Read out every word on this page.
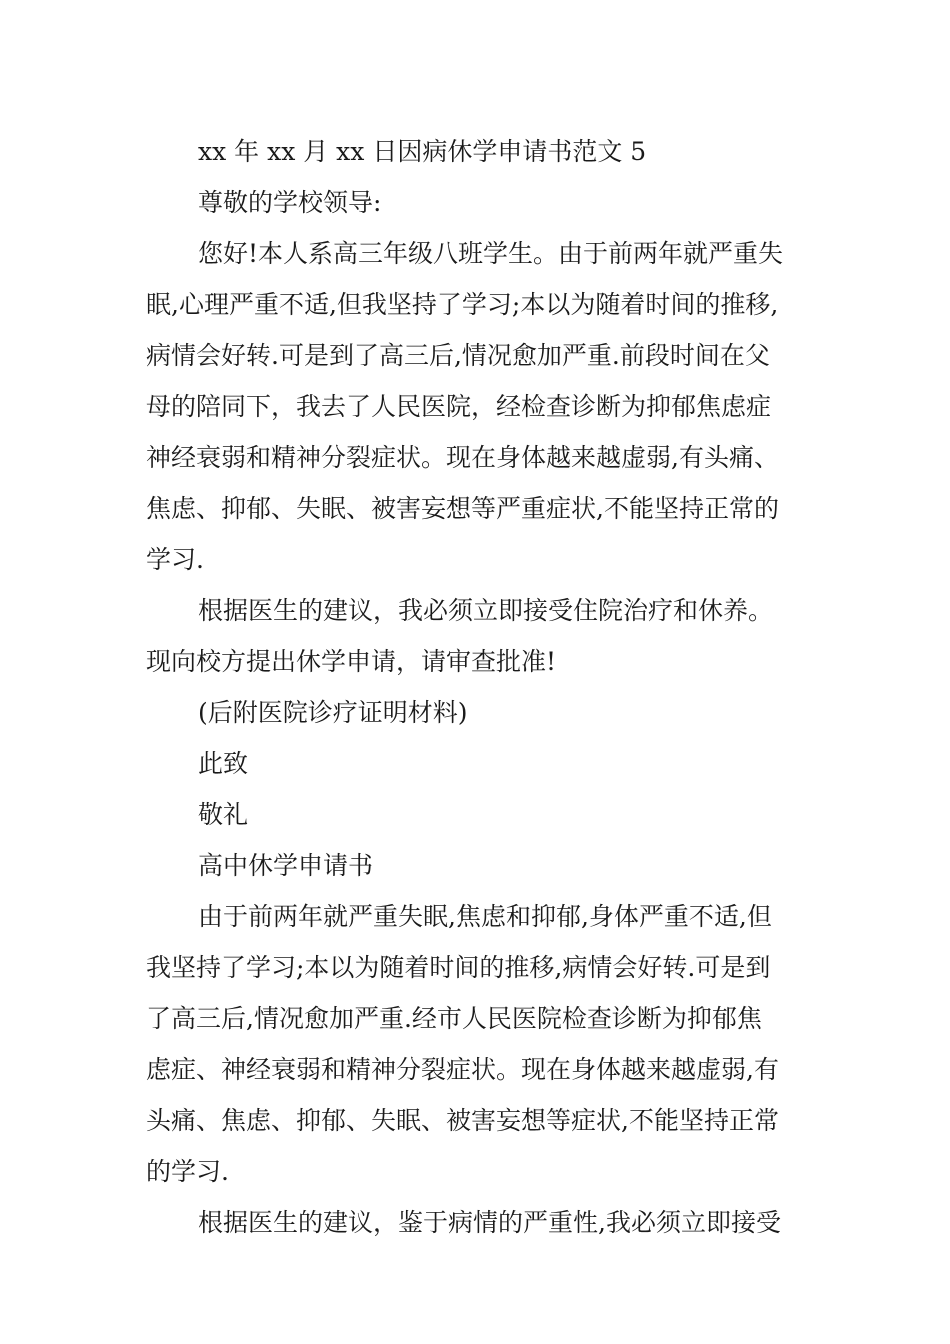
xx 年 xx 月 xx 日因病休学申请书范文 5
尊敬的学校领导:
您好!本人系高三年级八班学生。由于前两年就严重失
眠,心理严重不适,但我坚持了学习;本以为随着时间的推移,
病情会好转.可是到了高三后,情况愈加严重.前段时间在父
母的陪同下，我去了人民医院，经检查诊断为抑郁焦虑症
神经衰弱和精神分裂症状。现在身体越来越虚弱,有头痛、
焦虑、抑郁、失眠、被害妄想等严重症状,不能坚持正常的
学习.
根据医生的建议，我必须立即接受住院治疗和休养。
现向校方提出休学申请，请审查批准!
(后附医院诊疗证明材料)
此致
敬礼
高中休学申请书
由于前两年就严重失眠,焦虑和抑郁,身体严重不适,但
我坚持了学习;本以为随着时间的推移,病情会好转.可是到
了高三后,情况愈加严重.经市人民医院检查诊断为抑郁焦
虑症、神经衰弱和精神分裂症状。现在身体越来越虚弱,有
头痛、焦虑、抑郁、失眠、被害妄想等症状,不能坚持正常
的学习.
根据医生的建议，鉴于病情的严重性,我必须立即接受
